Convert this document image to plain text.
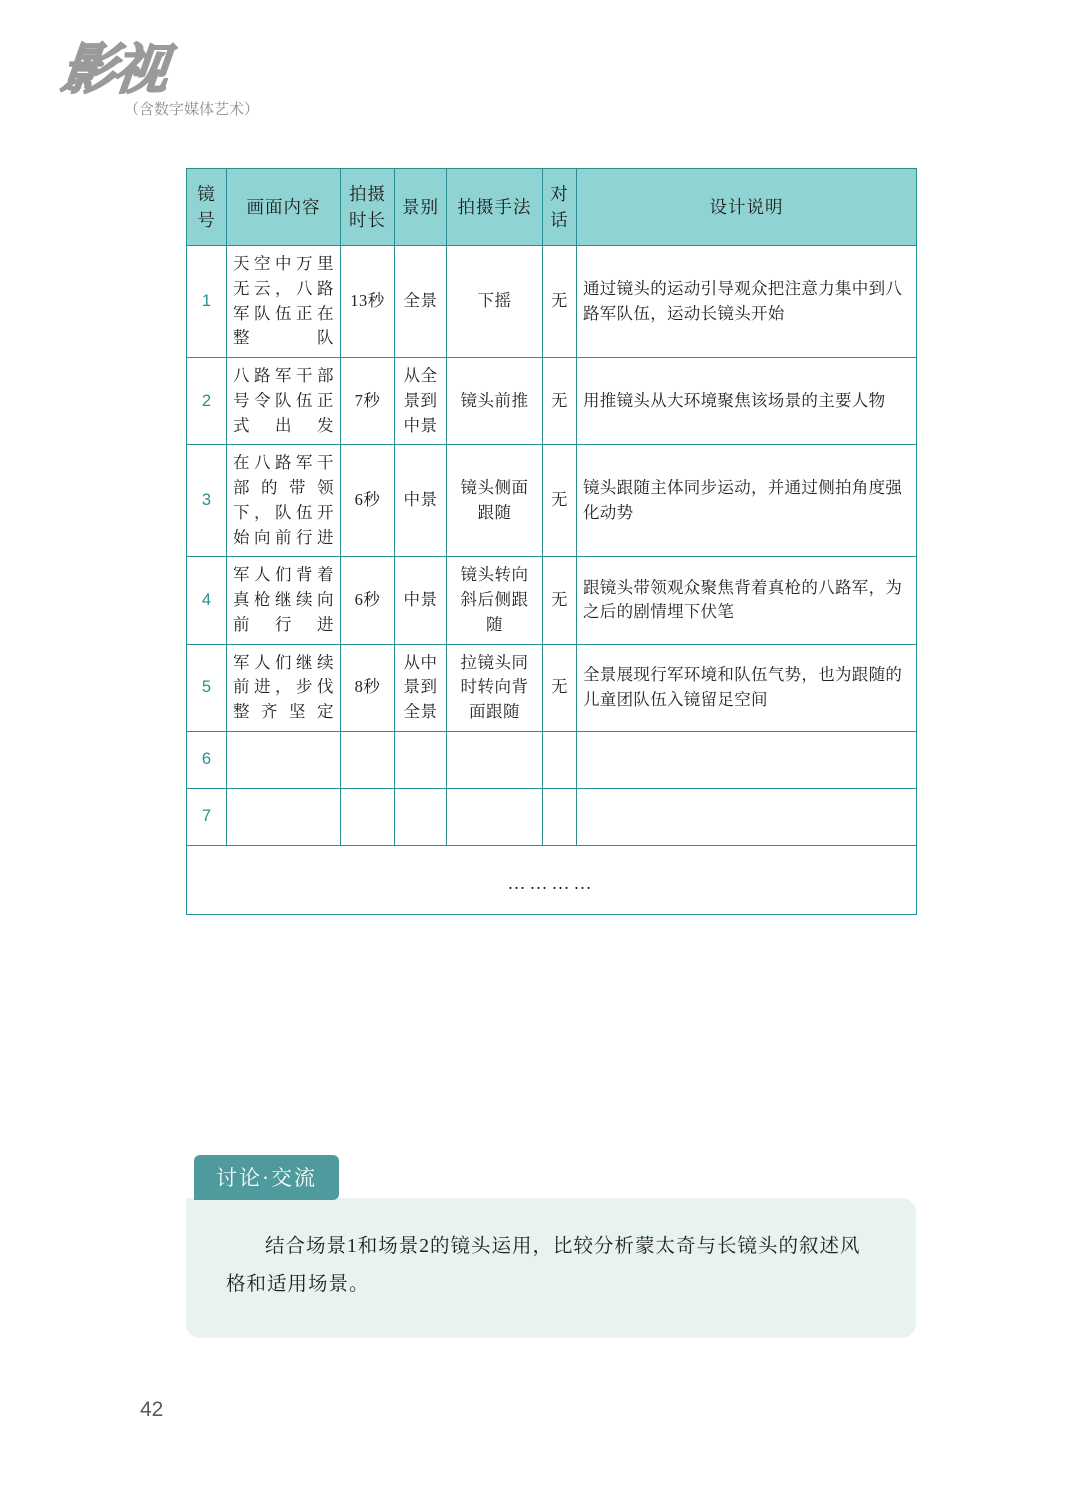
影视
（含数字媒体艺术）
镜号	画面内容	拍摄时长	景别	拍摄手法	对话	设计说明
1	天空中万里无云，八路军队伍正在整队	13秒	全景	下摇	无	通过镜头的运动引导观众把注意力集中到八路军队伍，运动长镜头开始
2	八路军干部号令队伍正式出发	7秒	从全景到中景	镜头前推	无	用推镜头从大环境聚焦该场景的主要人物
3	在八路军干部的带领下，队伍开始向前行进	6秒	中景	镜头侧面跟随	无	镜头跟随主体同步运动，并通过侧拍角度强化动势
4	军人们背着真枪继续向前行进	6秒	中景	镜头转向斜后侧跟随	无	跟镜头带领观众聚焦背着真枪的八路军，为之后的剧情埋下伏笔
5	军人们继续前进，步伐整齐坚定	8秒	从中景到全景	拉镜头同时转向背面跟随	无	全景展现行军环境和队伍气势，也为跟随的儿童团队伍入镜留足空间
6						
7						
…………						
讨论·交流

结合场景1和场景2的镜头运用，比较分析蒙太奇与长镜头的叙述风格和适用场景。

42
